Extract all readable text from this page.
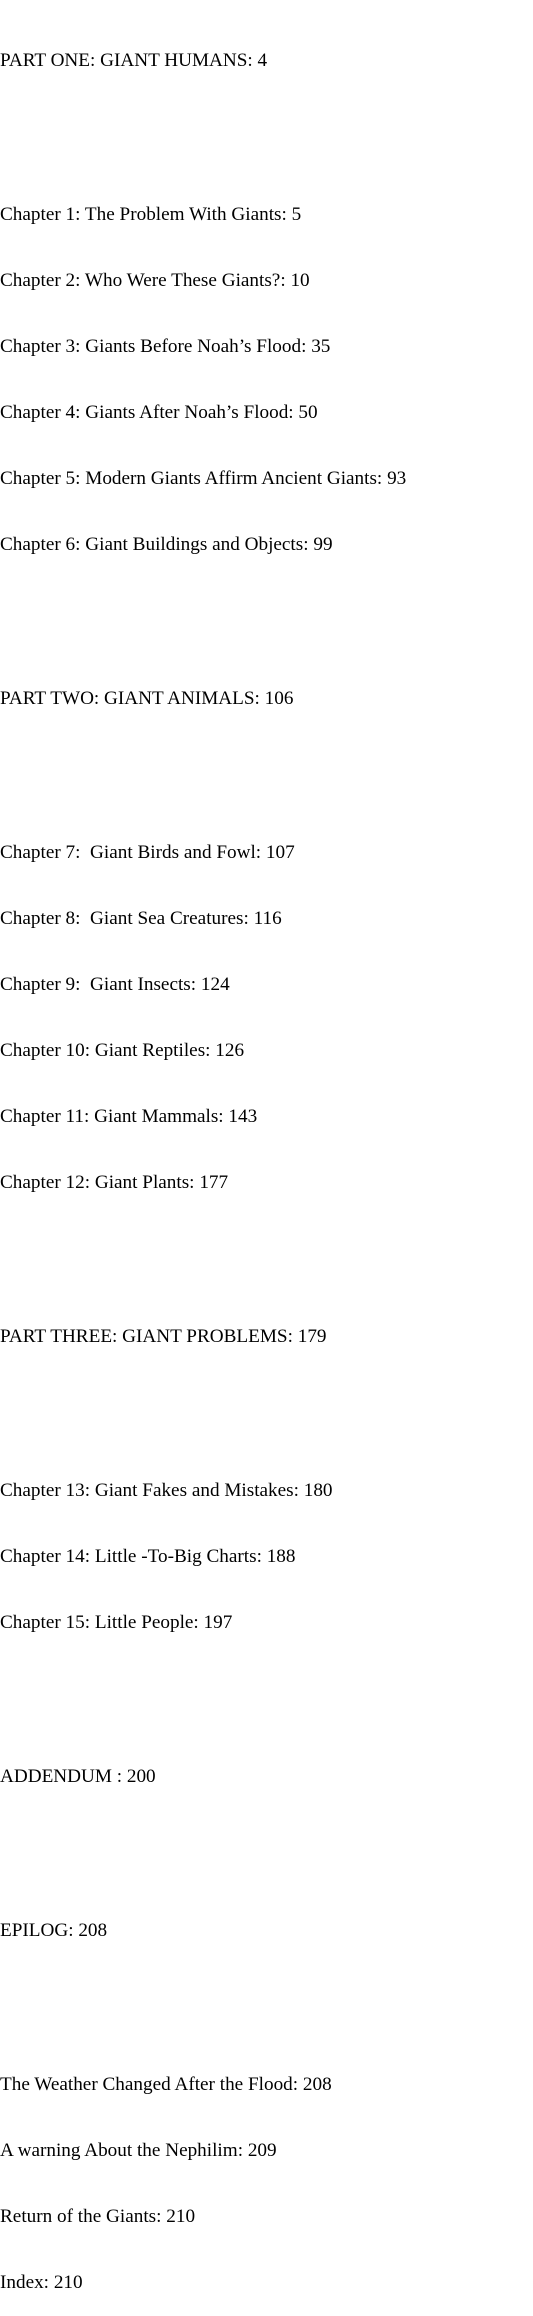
PART ONE: GIANT HUMANS: 4

Chapter 1: The Problem With Giants: 5

Chapter 2: Who Were These Giants?: 10

Chapter 3: Giants Before Noah’s Flood: 35

Chapter 4: Giants After Noah’s Flood: 50

Chapter 5: Modern Giants Affirm Ancient Giants: 93

Chapter 6: Giant Buildings and Objects: 99

PART TWO: GIANT ANIMALS: 106

Chapter 7:  Giant Birds and Fowl: 107

Chapter 8:  Giant Sea Creatures: 116

Chapter 9:  Giant Insects: 124

Chapter 10: Giant Reptiles: 126

Chapter 11: Giant Mammals: 143

Chapter 12: Giant Plants: 177

PART THREE: GIANT PROBLEMS: 179

Chapter 13: Giant Fakes and Mistakes: 180

Chapter 14: Little -To-Big Charts: 188

Chapter 15: Little People: 197

ADDENDUM : 200

EPILOG: 208

The Weather Changed After the Flood: 208

A warning About the Nephilim: 209

Return of the Giants: 210

Index: 210
